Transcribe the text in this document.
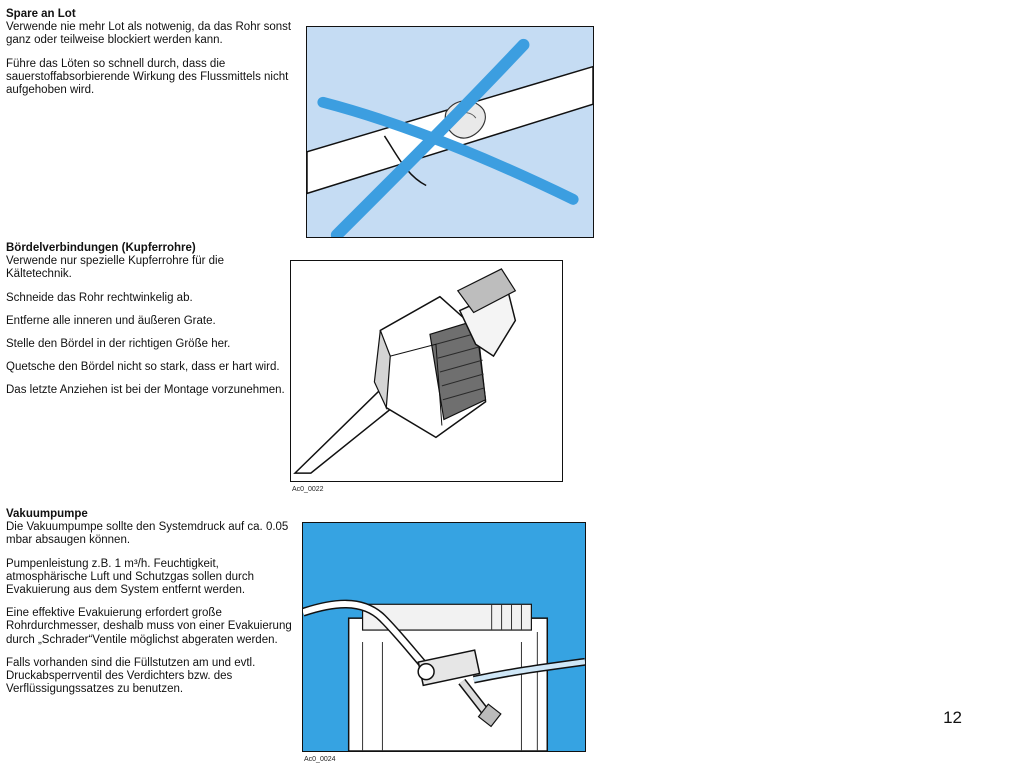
Spare an Lot

Verwende nie mehr Lot als notwenig, da das Rohr sonst ganz oder teilweise blockiert werden kann.

Führe das Löten so schnell durch, dass die sauerstoffabsorbierende Wirkung des Flussmittels nicht aufgehoben wird.

Bördelverbindungen (Kupferrohre)

Verwende nur spezielle Kupferrohre für die Kältetechnik.

Schneide das Rohr rechtwinkelig ab.

Entferne alle inneren und äußeren Grate.

Stelle den Bördel in der richtigen Größe her.

Quetsche den Bördel nicht so stark, dass er hart wird.

Das letzte Anziehen ist bei der Montage vorzunehmen.

Ac0_0022
Vakuumpumpe

Die Vakuumpumpe sollte den Systemdruck auf ca. 0.05 mbar absaugen können.

Pumpenleistung z.B. 1 m³/h. Feuchtigkeit, atmosphärische Luft und Schutzgas sollen durch Evakuierung aus dem System entfernt werden.

Eine effektive Evakuierung erfordert große Rohrdurchmesser, deshalb muss von einer Evakuierung durch „Schrader“Ventile möglichst abgeraten werden.

Falls vorhanden sind die Füllstutzen am und evtl. Druckabsperrventil des Verdichters bzw. des Verflüssigungssatzes zu benutzen.

Ac0_0024
12
